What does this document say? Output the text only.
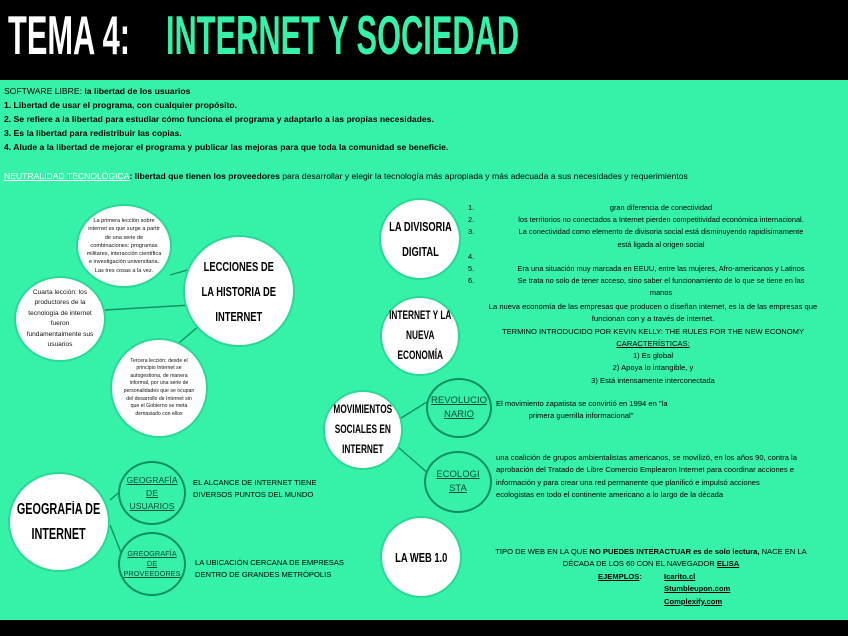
TEMA 4: INTERNET Y SOCIEDAD
SOFTWARE LIBRE: la libertad de los usuarios
1. Libertad de usar el programa, con cualquier propósito.
2. Se refiere a la libertad para estudiar cómo funciona el programa y adaptarlo a las propias necesidades.
3. Es la libertad para redistribuir las copias.
4. Alude a la libertad de mejorar el programa y publicar las mejoras para que toda la comunidad se beneficie.
NEUTRALIDAD TECNOLÓGICA: libertad que tienen los proveedores para desarrollar y elegir la tecnología más apropiada y más adecuada a sus necesidades y requerimientos
La primera lección sobre
internet es que surge a partir
de una serie de
combinaciones: programas
militares, interacción científica
e investigación universitaria.
Las tres cosas a la vez.
Cuarta lección: los
productores de la
tecnología de internet
fueron
fundamentalmente sus
usuarios
LECCIONES DE
LA HISTORIA DE
INTERNET
Tercera lección: desde el
principio Internet se
autogestiona, de manera
informal, por una serie de
personalidades que se ocupan
del desarrollo de Internet sin
que el Gobierno se meta
demasiado con ellos
LA DIVISORIA
DIGITAL
1.	gran diferencia de conectividad
2.	los territorios no conectados a Internet pierden competitividad económica internacional.
3.	La conectividad como elemento de divisoria social está disminuyendo rapidísimamente
está ligada al origen social
4.
5.	Era una situación muy marcada en EEUU, entre las mujeres, Afro-americanos y Latinos
6.	Se trata no solo de tener acceso, sino saber el funcionamiento de lo que se tiene en las
manos
INTERNET Y LA
NUEVA
ECONOMÍA
La nueva economía de las empresas que producen o diseñan internet, es la de las empresas que
funcionan con y a través de internet.
TERMINO INTRODUCIDO POR KEVIN KELLY: THE RULES FOR THE NEW ECONOMY
CARACTERÍSTICAS:
1) Es global
2) Apoya lo intangible, y
3) Está intensamente interconectada
MOVIMIENTOS
SOCIALES EN
INTERNET
REVOLUCIO
NARIO
El movimiento zapatista se convirtió en 1994 en "la
primera guerrilla informacional"
ECOLOGI
STA
una coalición de grupos ambientalistas americanos, se movilizó, en los años 90, contra la
aprobación del Tratado de Libre Comercio Emplearon Internet para coordinar acciones e
información y para crear una red permanente que planificó e impulsó acciones
ecologistas en todo el continente americano a lo largo de la década
GEOGRAFÍA DE
INTERNET
GEOGRAFÍA
DE
USUARIOS
EL ALCANCE DE INTERNET TIENE
DIVERSOS PUNTOS DEL MUNDO
GREOGRAFÍA
DE
PROVEEDORES
LA UBICACIÓN CERCANA DE EMPRESAS
DENTRO DE GRANDES METRÓPOLIS
LA WEB 1.0	TIPO DE WEB EN LA QUE NO PUEDES INTERACTUAR es de solo lectura, NACE EN LA
DÉCADA DE LOS 60 CON EL NAVEGADOR ELISA
EJEMPLOS:	Icarito.cl
Stumbleupon.com
Complexify.com
